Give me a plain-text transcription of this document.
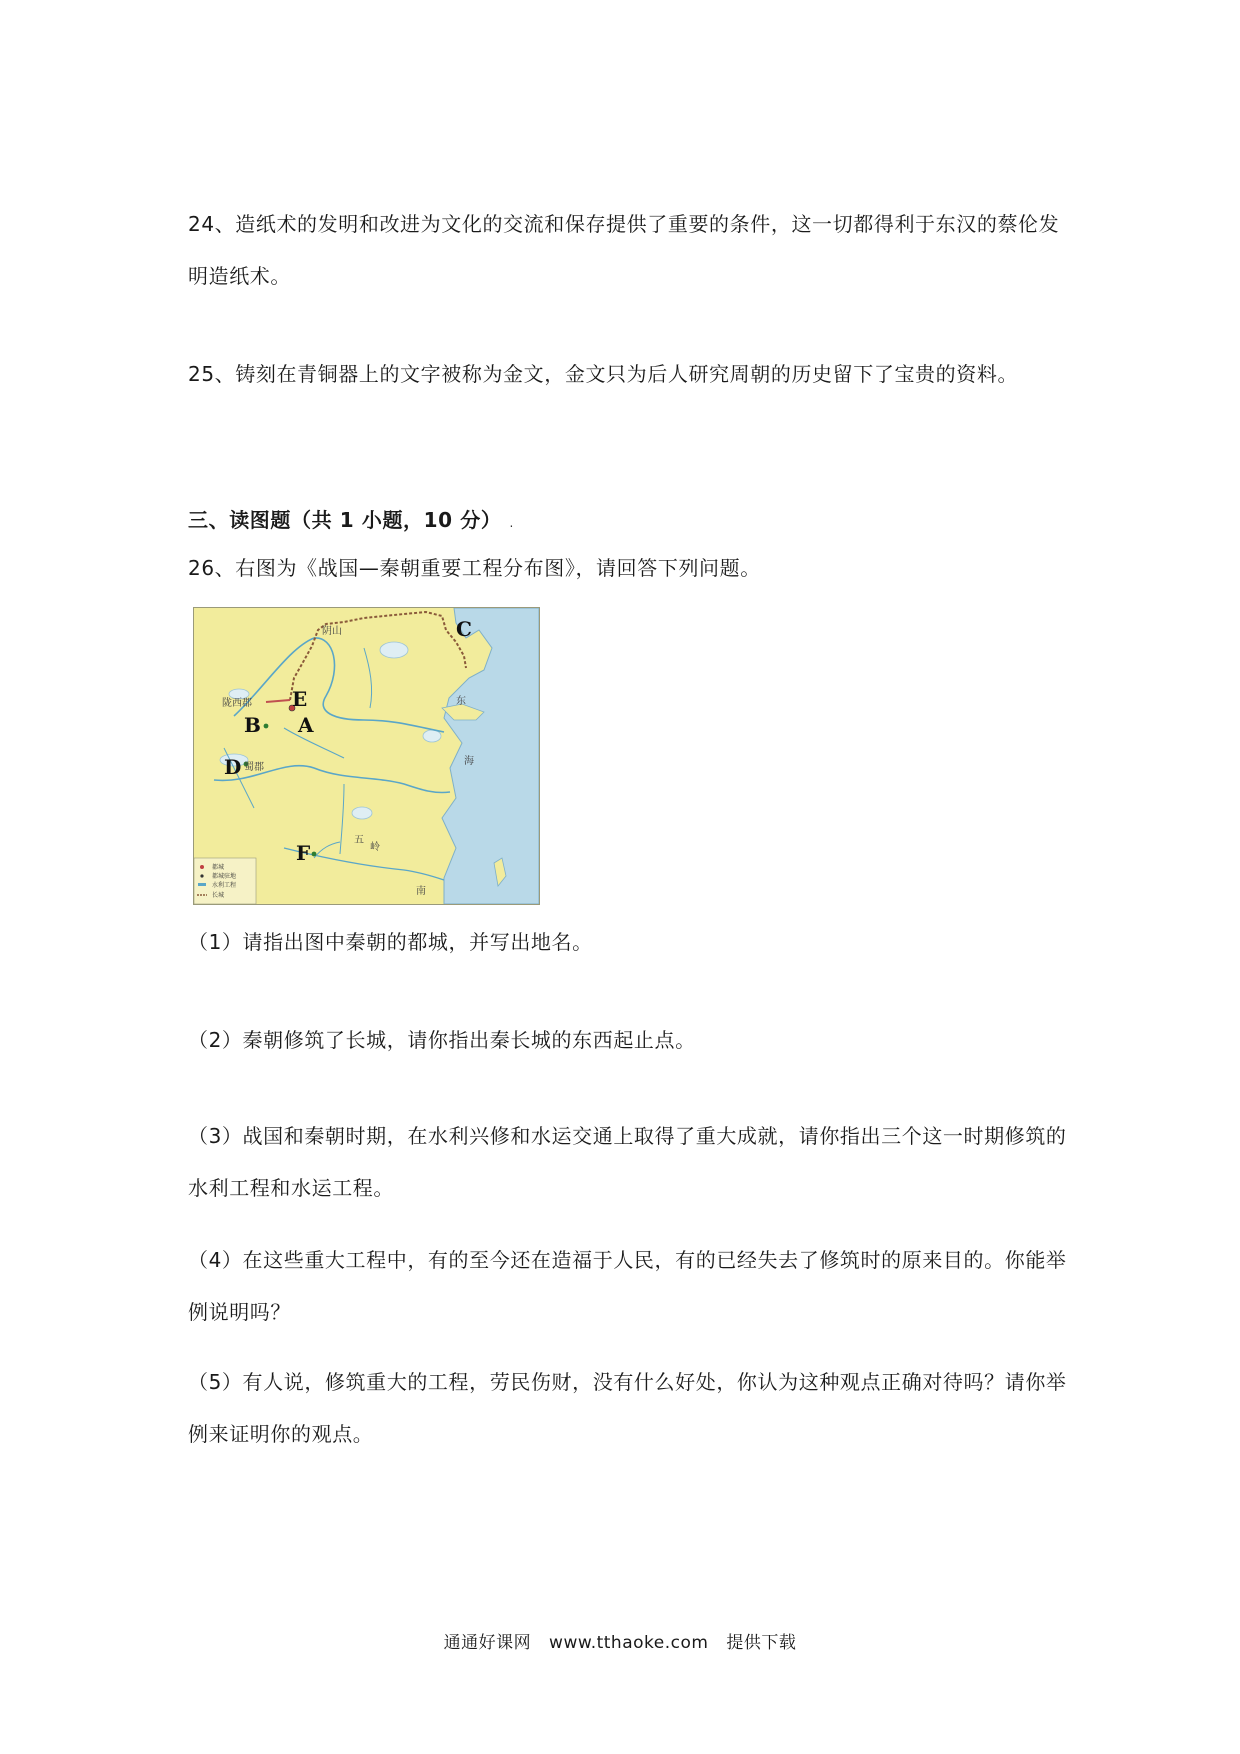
24、造纸术的发明和改进为文化的交流和保存提供了重要的条件，这一切都得利于东汉的蔡伦发明造纸术。

25、铸刻在青铜器上的文字被称为金文，金文只为后人研究周朝的历史留下了宝贵的资料。

三、读图题（共 1 小题，10 分） .

26、右图为《战国—秦朝重要工程分布图》，请回答下列问题。

阴山
陇西郡
蜀郡
五
岭
东
海
南
E
A
B
C
D
F
都城
都城驻地
水利工程
长城

（1）请指出图中秦朝的都城，并写出地名。

（2）秦朝修筑了长城，请你指出秦长城的东西起止点。

（3）战国和秦朝时期，在水利兴修和水运交通上取得了重大成就，请你指出三个这一时期修筑的水利工程和水运工程。

（4）在这些重大工程中，有的至今还在造福于人民，有的已经失去了修筑时的原来目的。你能举例说明吗？

（5）有人说，修筑重大的工程，劳民伤财，没有什么好处，你认为这种观点正确对待吗？请你举例来证明你的观点。

通通好课网 www.tthaoke.com 提供下载
